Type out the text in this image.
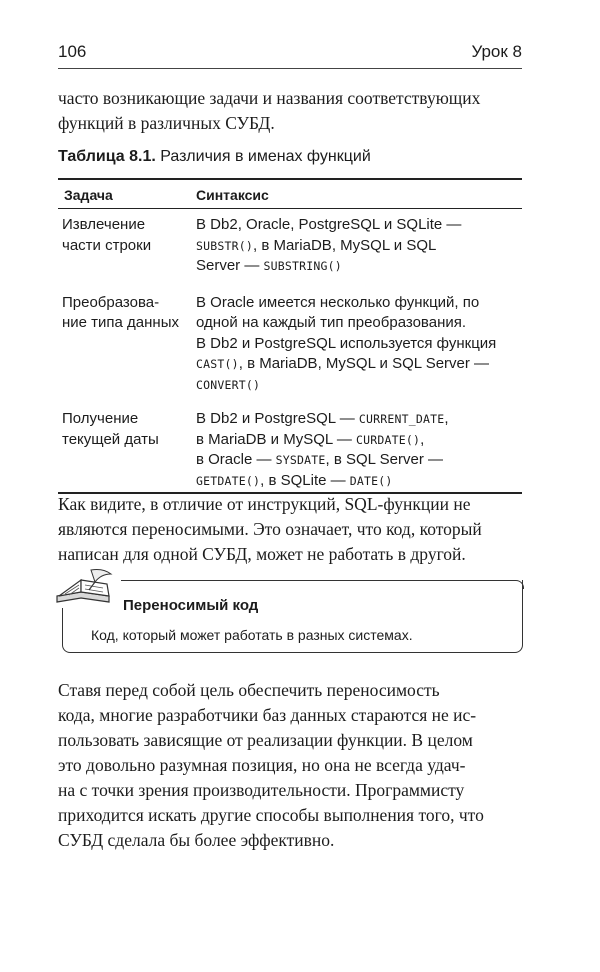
106	Урок 8
часто возникающие задачи и названия соответствующих
функций в различных СУБД.
Таблица 8.1. Различия в именах функций
Задача	Синтаксис
Извлечение
части строки
В Db2, Oracle, PostgreSQL и SQLite —
SUBSTR(), в MariaDB, MySQL и SQL
Server — SUBSTRING()
Преобразова-
ние типа данных
В Oracle имеется несколько функций, по
одной на каждый тип преобразования.
В Db2 и PostgreSQL используется функция
CAST(), в MariaDB, MySQL и SQL Server —
CONVERT()
Получение
текущей даты
В Db2 и PostgreSQL — CURRENT_DATE,
в MariaDB и MySQL — CURDATE(),
в Oracle — SYSDATE, в SQL Server —
GETDATE(), в SQLite — DATE()
Как видите, в отличие от инструкций, SQL-функции не
являются переносимыми. Это означает, что код, который
написан для одной СУБД, может не работать в другой.
Переносимый код
Код, который может работать в разных системах.
Ставя перед собой цель обеспечить переносимость
кода, многие разработчики баз данных стараются не ис-
пользовать зависящие от реализации функции. В целом
это довольно разумная позиция, но она не всегда удач-
на с точки зрения производительности. Программисту
приходится искать другие способы выполнения того, что
СУБД сделала бы более эффективно.
